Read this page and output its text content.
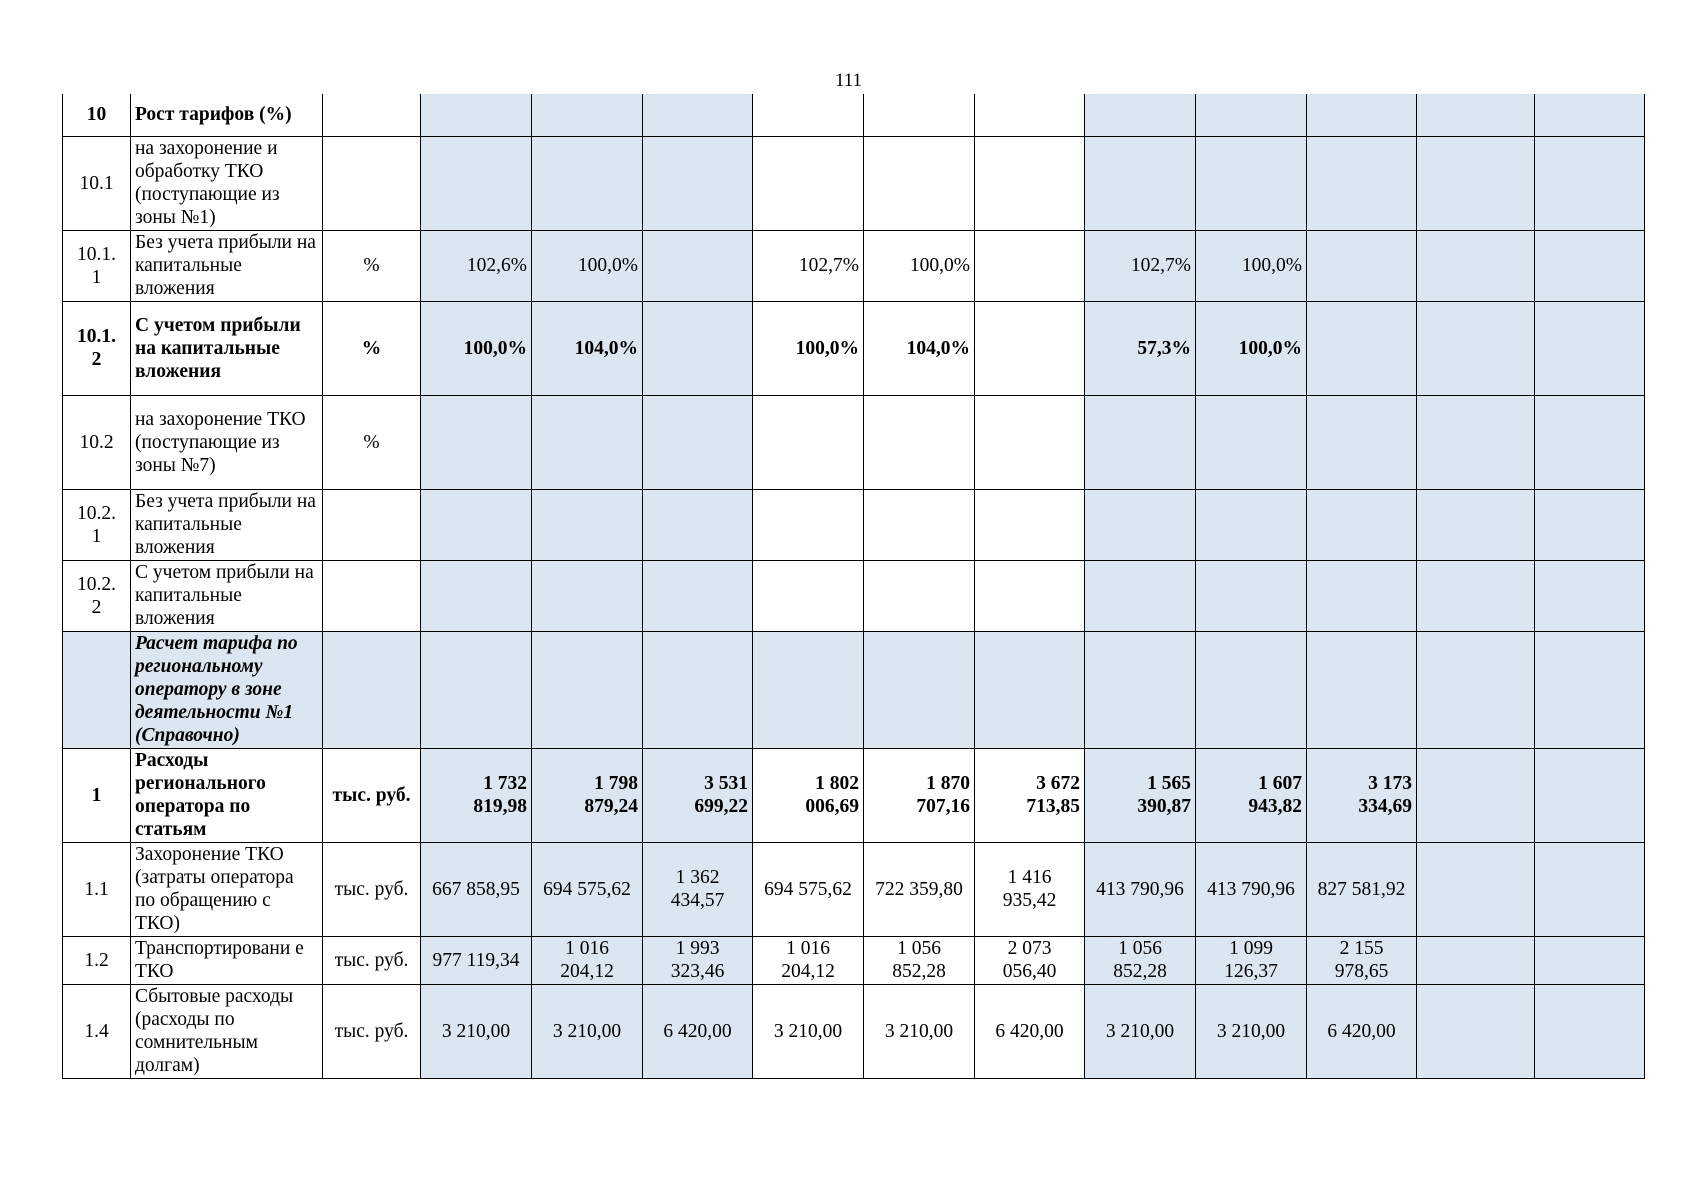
111
10	Рост тарифов (%)												
10.1	на захоронение и обработку ТКО (поступающие из зоны №1)												
10.1.
1	Без учета прибыли на капитальные вложения	%	102,6%	100,0%		102,7%	100,0%		102,7%	100,0%			
10.1.
2	С учетом прибыли на капитальные вложения	%	100,0%	104,0%		100,0%	104,0%		57,3%	100,0%			
10.2	на захоронение ТКО (поступающие из зоны №7)	%											
10.2.
1	Без учета прибыли на капитальные вложения												
10.2.
2	С учетом прибыли на капитальные вложения												
	Расчет тарифа по региональному оператору в зоне деятельности №1 (Справочно)												
1	Расходы регионального оператора по статьям	тыс. руб.	1 732 819,98	1 798 879,24	3 531 699,22	1 802 006,69	1 870 707,16	3 672 713,85	1 565 390,87	1 607 943,82	3 173 334,69		
1.1	Захоронение ТКО (затраты оператора по обращению с ТКО)	тыс. руб.	667 858,95	694 575,62	1 362 434,57	694 575,62	722 359,80	1 416 935,42	413 790,96	413 790,96	827 581,92		
1.2	Транспортировани е ТКО	тыс. руб.	977 119,34	1 016 204,12	1 993 323,46	1 016 204,12	1 056 852,28	2 073 056,40	1 056 852,28	1 099 126,37	2 155 978,65		
1.4	Сбытовые расходы (расходы по сомнительным долгам)	тыс. руб.	3 210,00	3 210,00	6 420,00	3 210,00	3 210,00	6 420,00	3 210,00	3 210,00	6 420,00		
